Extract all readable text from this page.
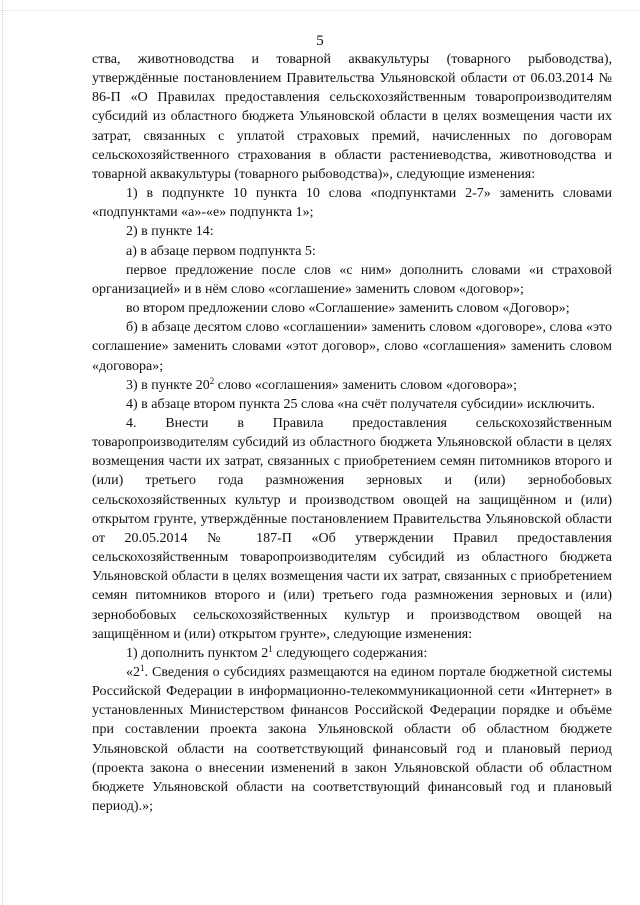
5

ства, животноводства и товарной аквакультуры (товарного рыбоводства), утверждённые постановлением Правительства Ульяновской области от 06.03.2014 № 86-П «О Правилах предоставления сельскохозяйственным товаропроизводителям субсидий из областного бюджета Ульяновской области в целях возмещения части их затрат, связанных с уплатой страховых премий, начисленных по договорам сельскохозяйственного страхования в области растениеводства, животноводства и товарной аквакультуры (товарного рыбоводства)», следующие изменения:

1) в подпункте 10 пункта 10 слова «подпунктами 2-7» заменить словами «подпунктами «а»-«е» подпункта 1»;

2) в пункте 14:

а) в абзаце первом подпункта 5:

первое предложение после слов «с ним» дополнить словами «и страховой организацией» и в нём слово «соглашение» заменить словом «договор»;

во втором предложении слово «Соглашение» заменить словом «Договор»;

б) в абзаце десятом слово «соглашении» заменить словом «договоре», слова «это соглашение» заменить словами «этот договор», слово «соглашения» заменить словом «договора»;

3) в пункте $20^2$ слово «соглашения» заменить словом «договора»;

4) в абзаце втором пункта 25 слова «на счёт получателя субсидии» исключить.

4. Внести в Правила предоставления сельскохозяйственным товаропроизводителям субсидий из областного бюджета Ульяновской области в целях возмещения части их затрат, связанных с приобретением семян питомников второго и (или) третьего года размножения зерновых и (или) зернобобовых сельскохозяйственных культур и производством овощей на защищённом и (или) открытом грунте, утверждённые постановлением Правительства Ульяновской области от 20.05.2014 № 187-П «Об утверждении Правил предоставления сельскохозяйственным товаропроизводителям субсидий из областного бюджета Ульяновской области в целях возмещения части их затрат, связанных с приобретением семян питомников второго и (или) третьего года размножения зерновых и (или) зернобобовых сельскохозяйственных культур и производством овощей на защищённом и (или) открытом грунте», следующие изменения:

1) дополнить пунктом $2^1$ следующего содержания:

«$2^1$. Сведения о субсидиях размещаются на едином портале бюджетной системы Российской Федерации в информационно-телекоммуникационной сети «Интернет» в установленных Министерством финансов Российской Федерации порядке и объёме при составлении проекта закона Ульяновской области об областном бюджете Ульяновской области на соответствующий финансовый год и плановый период (проекта закона о внесении изменений в закон Ульяновской области об областном бюджете Ульяновской области на соответствующий финансовый год и плановый период).»;
